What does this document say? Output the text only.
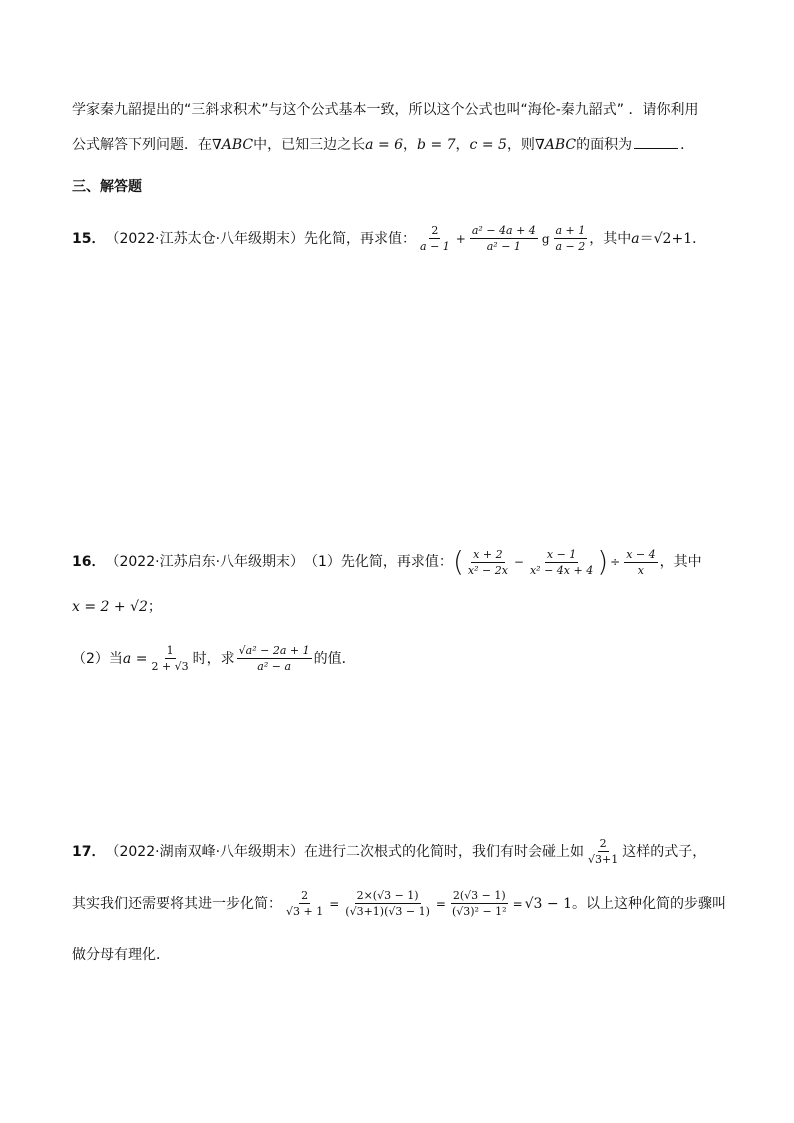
学家秦九韶提出的“三斜求积术”与这个公式基本一致，所以这个公式也叫“海伦-秦九韶式” ．请你利用
公式解答下列问题．在∇ABC中，已知三边之长a = 6，b = 7，c = 5，则∇ABC的面积为	．
三、解答题
15． （2022·江苏太仓·八年级期末） 先化简，再求值： $\frac{2}{a - 1} + \frac{\text{a² − 4a + 4}}{\text{a² − 1}}$ g $\frac{a + 1}{a - 2}$ ，其中 a ＝ √2 +1．
16． （2022·江苏启东·八年级期末） （1）先化简，再求值： ( $\frac{x + 2}{\text{x² − 2x}} - \frac{x - 1}{\text{x² − 4x + 4}}$ ) ÷ $\frac{x - 4}{x}$ ，其中
x = 2 + √2；
（2）当 $a = \frac{1}{2 + √3}$ 时，求 $\frac{\text{√a² − 2a + 1}}{\text{a² − a}}$ 的值．
17． （2022·湖南双峰·八年级期末） 在进行二次根式的化简时，我们有时会碰上如 $\frac{2}{√3+1}$ 这样的式子，
其实我们还需要将其进一步化简： $\frac{2}{√3 + 1} = \frac{2\times(√3 - 1)}{(√3+1)(√3 - 1)} = \frac{2(√3 - 1)}{\text{(√3)² − 1²}} = √3 - 1$ 。以上这种化简的步骤叫
做分母有理化．
